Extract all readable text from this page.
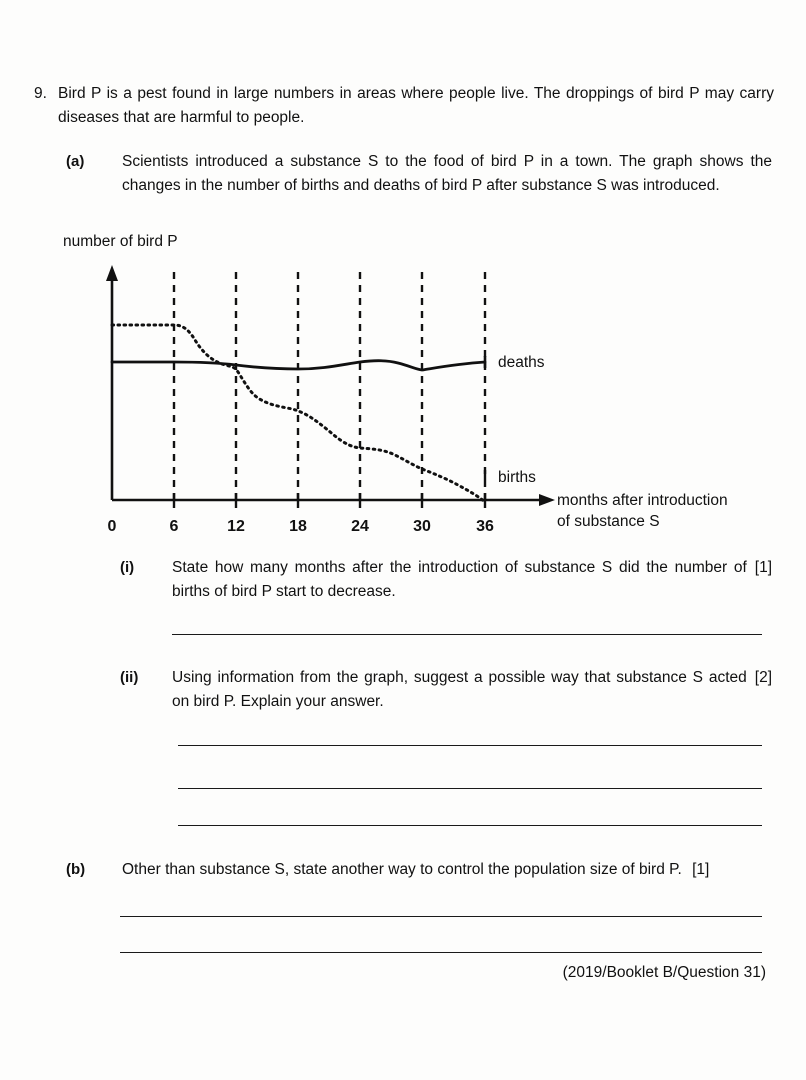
9. Bird P is a pest found in large numbers in areas where people live. The droppings of bird P may carry diseases that are harmful to people.
(a)	Scientists introduced a substance S to the food of bird P in a town. The graph shows the changes in the number of births and deaths of bird P after substance S was introduced.
number of bird P
0	6	12	18	24	30	36
deaths
births
months after introduction
of substance S
(i)	[1]
State how many months after the introduction of substance S did the number of births of bird P start to decrease.
(ii)	[2]
Using information from the graph, suggest a possible way that substance S acted on bird P. Explain your answer.
(b)	Other than substance S, state another way to control the population size of bird P. [1]
(2019/Booklet B/Question 31)
